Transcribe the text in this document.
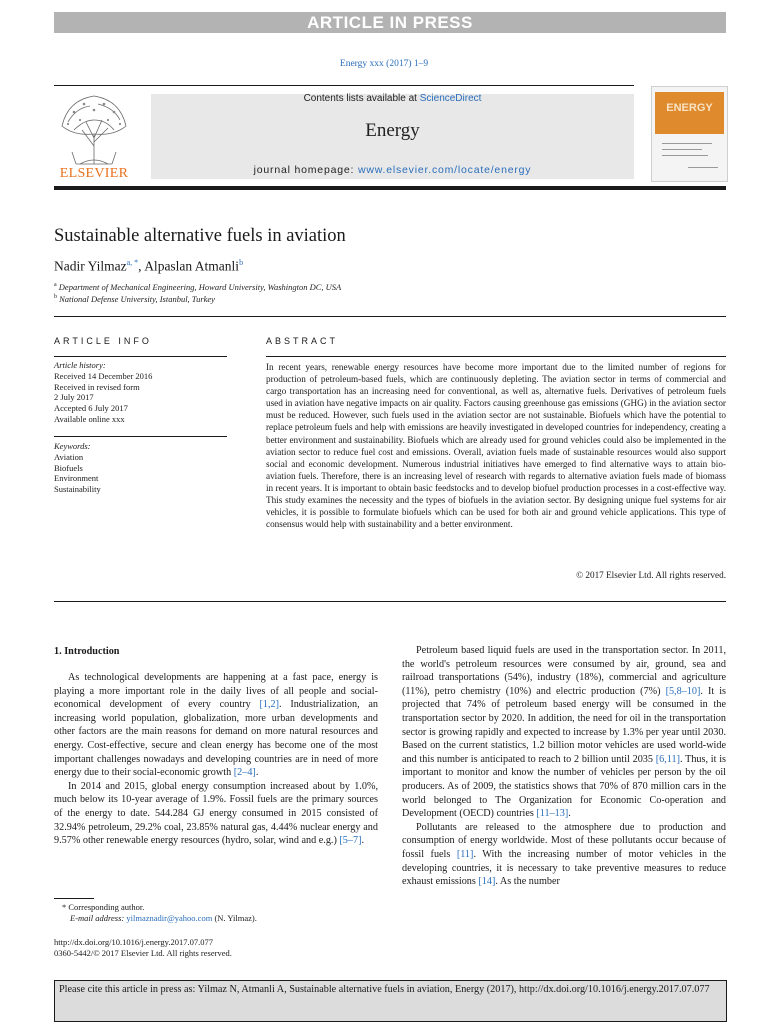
ARTICLE IN PRESS
Energy xxx (2017) 1–9
ELSEVIER
Contents lists available at ScienceDirect
Energy
journal homepage: www.elsevier.com/locate/energy
ENERGY
Sustainable alternative fuels in aviation
Nadir Yilmaz$^{a, *}$, Alpaslan Atmanli$^b$
$^a$ Department of Mechanical Engineering, Howard University, Washington DC, USA
$^b$ National Defense University, Istanbul, Turkey
ARTICLE INFO
Article history:
Received 14 December 2016
Received in revised form
2 July 2017
Accepted 6 July 2017
Available online xxx
Keywords:
Aviation
Biofuels
Environment
Sustainability
ABSTRACT
In recent years, renewable energy resources have become more important due to the limited number of regions for production of petroleum-based fuels, which are continuously depleting. The aviation sector in terms of commercial and cargo transportation has an increasing need for conventional, as well as, alternative fuels. Derivatives of petroleum fuels used in aviation have negative impacts on air quality. Factors causing greenhouse gas emissions (GHG) in the aviation sector must be reduced. However, such fuels used in the aviation sector are not sustainable. Biofuels which have the potential to replace petroleum fuels and help with emissions are heavily investigated in developed countries for independency, creating a better environment and sustainability. Biofuels which are already used for ground vehicles could also be implemented in the aviation sector to reduce fuel cost and emissions. Overall, aviation fuels made of sustainable resources would also support social and economic development. Numerous industrial initiatives have emerged to find alternative ways to attain bio-aviation fuels. Therefore, there is an increasing level of research with regards to alternative aviation fuels made of biomass in recent years. It is important to obtain basic feedstocks and to develop biofuel production processes in a cost-effective way. This study examines the necessity and the types of biofuels in the aviation sector. By designing unique fuel systems for air vehicles, it is possible to formulate biofuels which can be used for both air and ground vehicle applications. This type of consensus would help with sustainability and a better environment.
© 2017 Elsevier Ltd. All rights reserved.
1. Introduction

As technological developments are happening at a fast pace, energy is playing a more important role in the daily lives of all people and social-economical development of every country [1,2]. Industrialization, an increasing world population, globalization, more urban developments and other factors are the main reasons for demand on more natural resources and energy. Cost-effective, secure and clean energy has become one of the most important challenges nowadays and developing countries are in need of more energy due to their social-economic growth [2–4].

In 2014 and 2015, global energy consumption increased about by 1.0%, much below its 10-year average of 1.9%. Fossil fuels are the primary sources of the energy to date. 544.284 GJ energy consumed in 2015 consisted of 32.94% petroleum, 29.2% coal, 23.85% natural gas, 4.44% nuclear energy and 9.57% other renewable energy resources (hydro, solar, wind and e.g.) [5–7].

Petroleum based liquid fuels are used in the transportation sector. In 2011, the world's petroleum resources were consumed by air, ground, sea and railroad transportations (54%), industry (18%), commercial and agriculture (11%), petro chemistry (10%) and electric production (7%) [5,8–10]. It is projected that 74% of petroleum based energy will be consumed in the transportation sector by 2020. In addition, the need for oil in the transportation sector is growing rapidly and expected to increase by 1.3% per year until 2030. Based on the current statistics, 1.2 billion motor vehicles are used world-wide and this number is anticipated to reach to 2 billion until 2035 [6,11]. Thus, it is important to monitor and know the number of vehicles per person by the oil producers. As of 2009, the statistics shows that 70% of 870 million cars in the world belonged to The Organization for Economic Co-operation and Development (OECD) countries [11–13].

Pollutants are released to the atmosphere due to production and consumption of energy worldwide. Most of these pollutants occur because of fossil fuels [11]. With the increasing number of motor vehicles in the developing countries, it is necessary to take preventive measures to reduce exhaust emissions [14]. As the number

* Corresponding author.
E-mail address: yilmaznadir@yahoo.com (N. Yilmaz).
http://dx.doi.org/10.1016/j.energy.2017.07.077
0360-5442/© 2017 Elsevier Ltd. All rights reserved.
Please cite this article in press as: Yilmaz N, Atmanli A, Sustainable alternative fuels in aviation, Energy (2017), http://dx.doi.org/10.1016/j.energy.2017.07.077
